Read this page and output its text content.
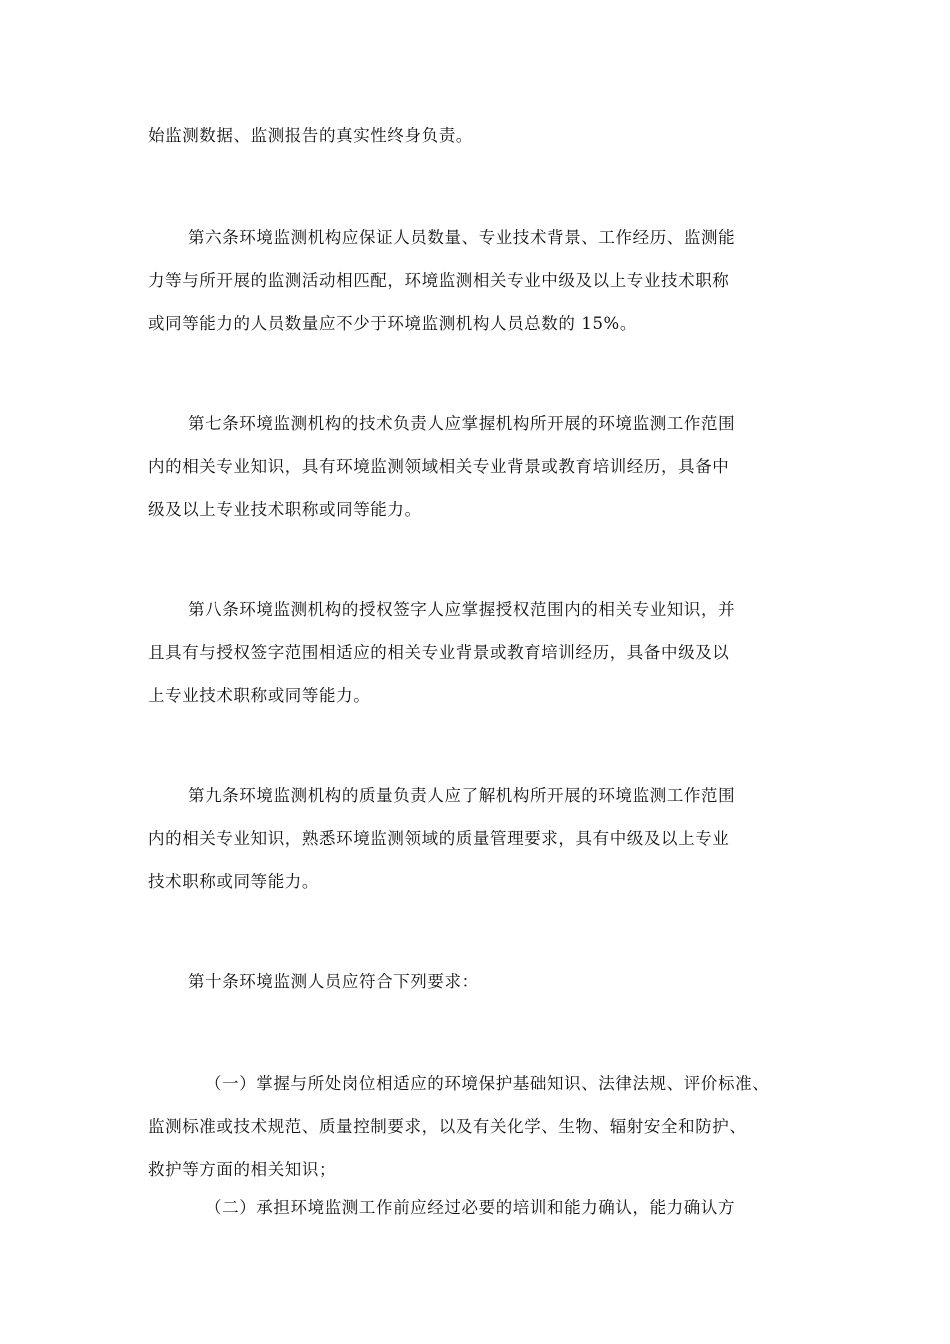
始监测数据、监测报告的真实性终身负责。
第六条环境监测机构应保证人员数量、专业技术背景、工作经历、监测能
力等与所开展的监测活动相匹配，环境监测相关专业中级及以上专业技术职称
或同等能力的人员数量应不少于环境监测机构人员总数的 15%。
第七条环境监测机构的技术负责人应掌握机构所开展的环境监测工作范围
内的相关专业知识，具有环境监测领域相关专业背景或教育培训经历，具备中
级及以上专业技术职称或同等能力。
第八条环境监测机构的授权签字人应掌握授权范围内的相关专业知识，并
且具有与授权签字范围相适应的相关专业背景或教育培训经历，具备中级及以
上专业技术职称或同等能力。
第九条环境监测机构的质量负责人应了解机构所开展的环境监测工作范围
内的相关专业知识，熟悉环境监测领域的质量管理要求，具有中级及以上专业
技术职称或同等能力。
第十条环境监测人员应符合下列要求：
（一）掌握与所处岗位相适应的环境保护基础知识、法律法规、评价标准、
监测标准或技术规范、质量控制要求，以及有关化学、生物、辐射安全和防护、
救护等方面的相关知识；
（二）承担环境监测工作前应经过必要的培训和能力确认，能力确认方
